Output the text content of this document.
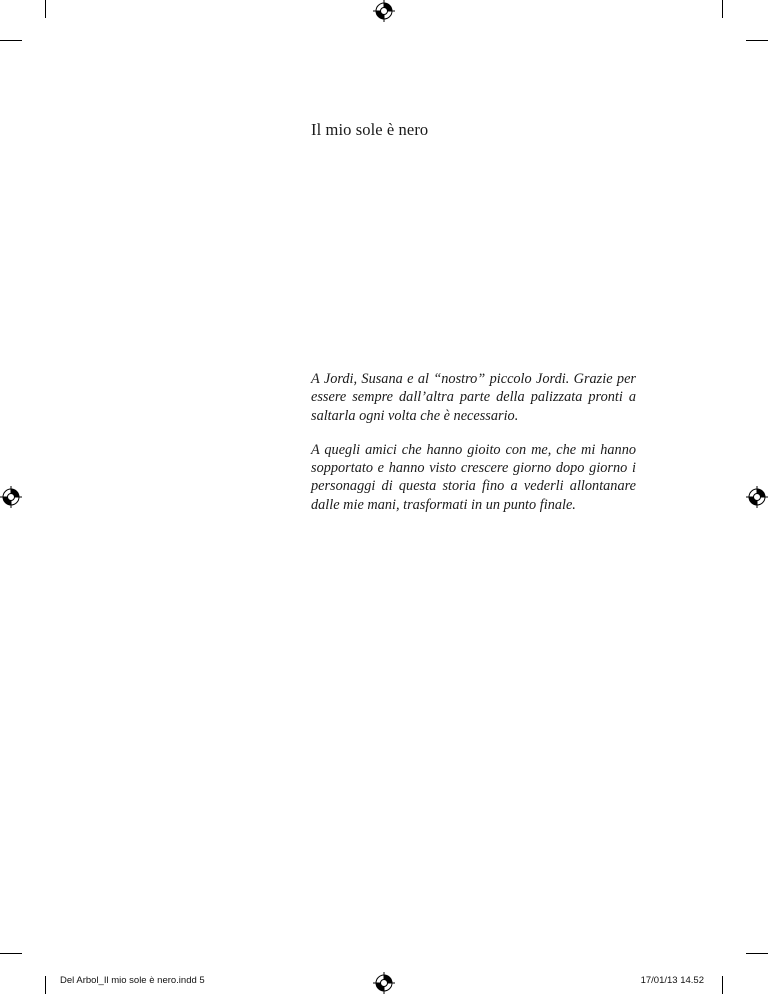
Il mio sole è nero

A Jordi, Susana e al “nostro” piccolo Jordi. Grazie per essere sempre dall’altra parte della palizzata pronti a saltarla ogni volta che è necessario.

A quegli amici che hanno gioito con me, che mi hanno sopportato e hanno visto crescere giorno dopo giorno i personaggi di questa storia fino a vederli allontanare dalle mie mani, trasformati in un punto finale.

Del Arbol_Il mio sole è nero.indd 5	17/01/13 14.52
